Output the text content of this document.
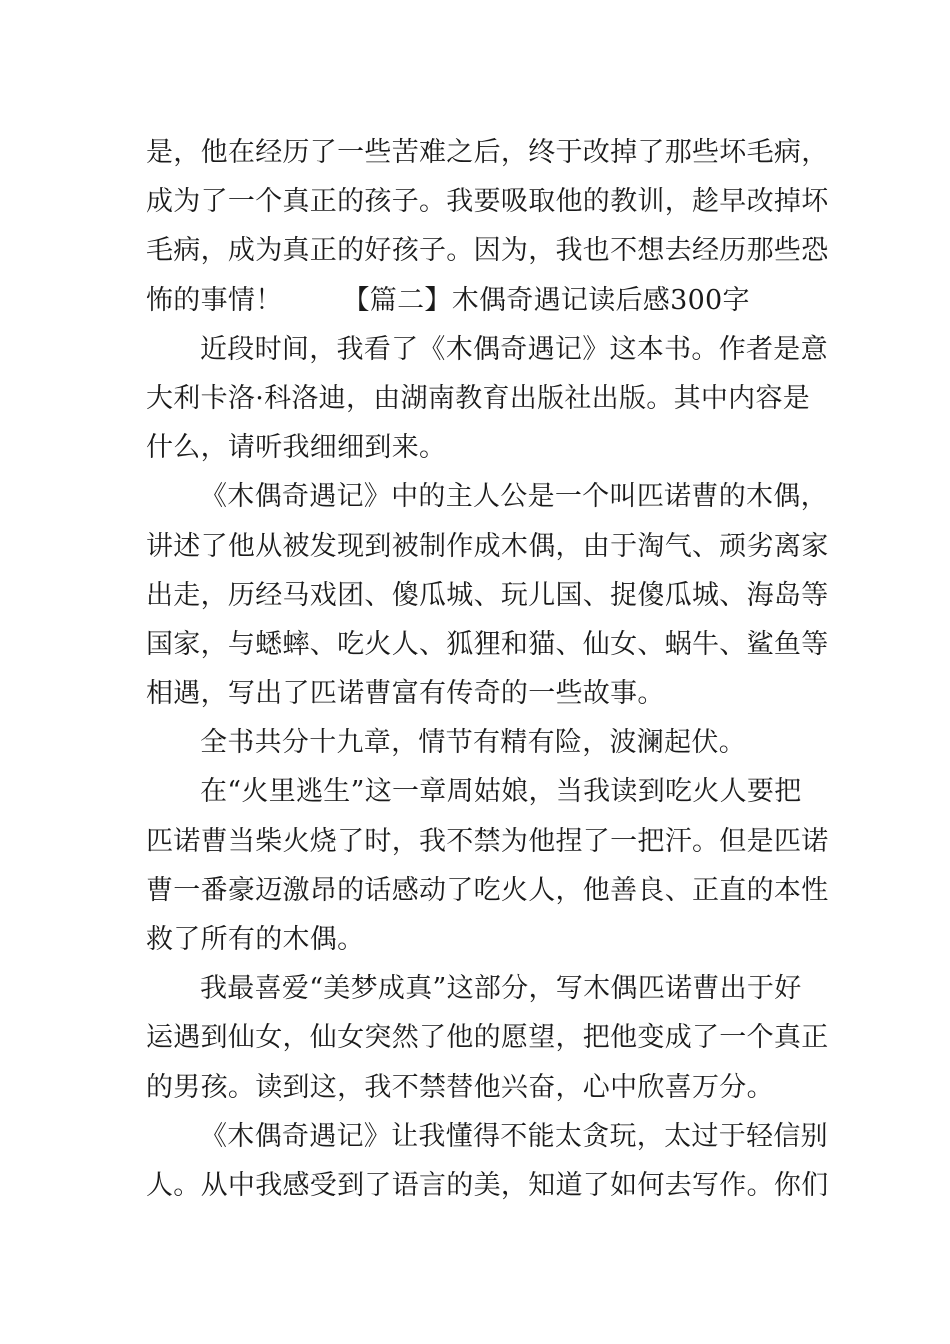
是，他在经历了一些苦难之后，终于改掉了那些坏毛病，
成为了一个真正的孩子。我要吸取他的教训，趁早改掉坏
毛病，成为真正的好孩子。因为，我也不想去经历那些恐
怖的事情！ 【篇二】木偶奇遇记读后感300字
近段时间，我看了《木偶奇遇记》这本书。作者是意
大利卡洛·科洛迪，由湖南教育出版社出版。其中内容是
什么，请听我细细到来。
《木偶奇遇记》中的主人公是一个叫匹诺曹的木偶，
讲述了他从被发现到被制作成木偶，由于淘气、顽劣离家
出走，历经马戏团、傻瓜城、玩儿国、捉傻瓜城、海岛等
国家，与蟋蟀、吃火人、狐狸和猫、仙女、蜗牛、鲨鱼等
相遇，写出了匹诺曹富有传奇的一些故事。
全书共分十九章，情节有精有险，波澜起伏。
在“火里逃生”这一章周姑娘，当我读到吃火人要把
匹诺曹当柴火烧了时，我不禁为他捏了一把汗。但是匹诺
曹一番豪迈激昂的话感动了吃火人，他善良、正直的本性
救了所有的木偶。
我最喜爱“美梦成真”这部分，写木偶匹诺曹出于好
运遇到仙女，仙女突然了他的愿望，把他变成了一个真正
的男孩。读到这，我不禁替他兴奋，心中欣喜万分。
《木偶奇遇记》让我懂得不能太贪玩，太过于轻信别
人。从中我感受到了语言的美，知道了如何去写作。你们
